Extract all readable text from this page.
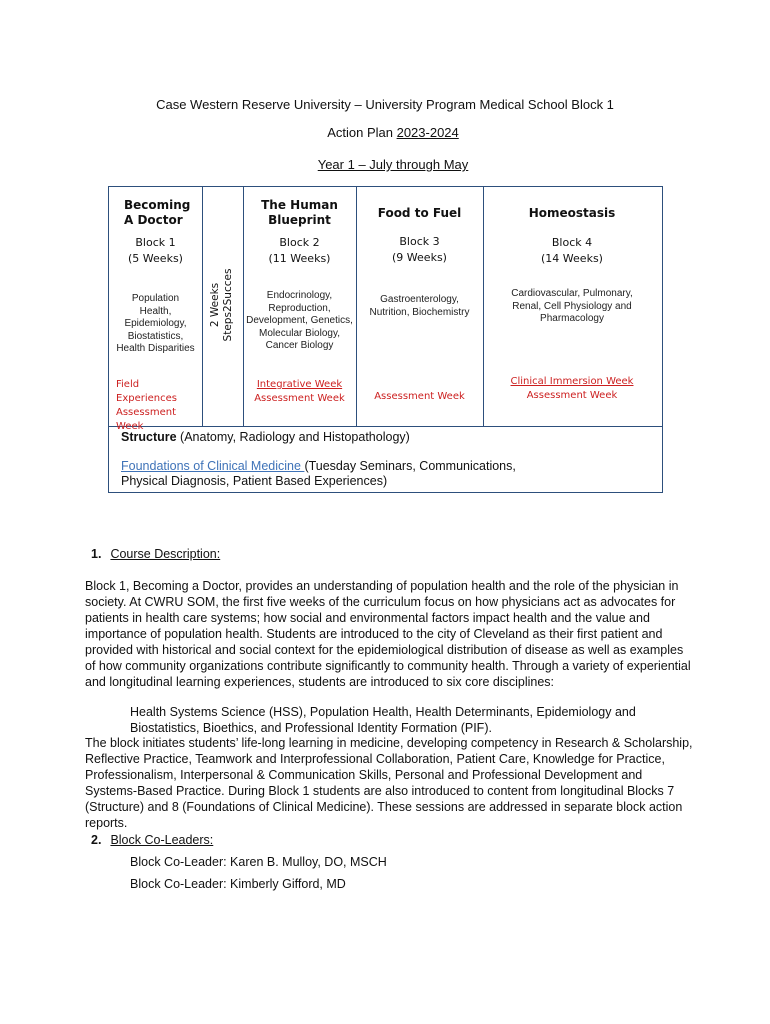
Case Western Reserve University – University Program Medical School Block 1
Action Plan 2023-2024
Year 1 – July through May
Becoming
A Doctor
Block 1
(5 Weeks)
Population
Health,
Epidemiology,
Biostatistics,
Health Disparities
Field Experiences
Assessment Week
2 Weeks Steps2Succes
The Human
Blueprint
Block 2
(11 Weeks)
Endocrinology,
Reproduction,
Development, Genetics,
Molecular Biology,
Cancer Biology
Integrative Week
Assessment Week
Food to Fuel
Block 3
(9 Weeks)
Gastroenterology,
Nutrition, Biochemistry
Assessment Week
Homeostasis
Block 4
(14 Weeks)
Cardiovascular, Pulmonary,
Renal, Cell Physiology and
Pharmacology
Clinical Immersion Week
Assessment Week
Structure (Anatomy, Radiology and Histopathology)
Foundations of Clinical Medicine (Tuesday Seminars, Communications,
Physical Diagnosis, Patient Based Experiences)
1. Course Description:
Block 1, Becoming a Doctor, provides an understanding of population health and the role of the physician in society. At CWRU SOM, the first five weeks of the curriculum focus on how physicians act as advocates for patients in health care systems; how social and environmental factors impact health and the value and importance of population health. Students are introduced to the city of Cleveland as their first patient and provided with historical and social context for the epidemiological distribution of disease as well as examples of how community organizations contribute significantly to community health. Through a variety of experiential and longitudinal learning experiences, students are introduced to six core disciplines:
Health Systems Science (HSS), Population Health, Health Determinants, Epidemiology and Biostatistics, Bioethics, and Professional Identity Formation (PIF).
The block initiates students’ life-long learning in medicine, developing competency in Research & Scholarship, Reflective Practice, Teamwork and Interprofessional Collaboration, Patient Care, Knowledge for Practice, Professionalism, Interpersonal & Communication Skills, Personal and Professional Development and Systems-Based Practice. During Block 1 students are also introduced to content from longitudinal Blocks 7 (Structure) and 8 (Foundations of Clinical Medicine). These sessions are addressed in separate block action reports.
2. Block Co-Leaders:
Block Co-Leader: Karen B. Mulloy, DO, MSCH
Block Co-Leader: Kimberly Gifford, MD
